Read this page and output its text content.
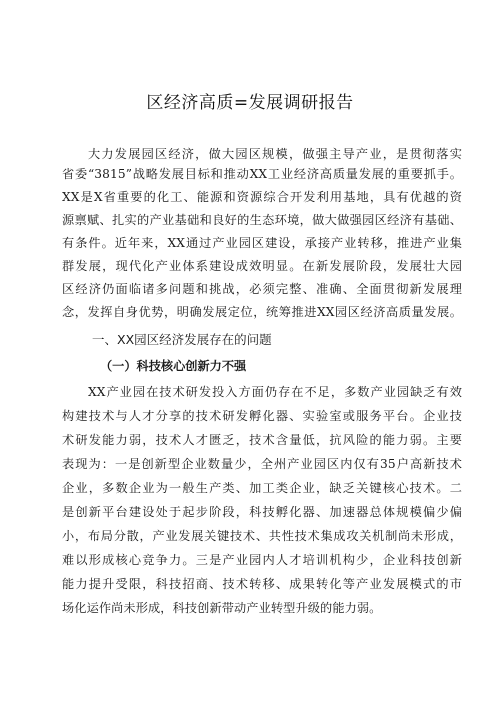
区经济高质=发展调研报告
大力发展园区经济，做大园区规模，做强主导产业，是贯彻落实
省委“3815”战略发展目标和推动XX工业经济高质量发展的重要抓手。
XX是X省重要的化工、能源和资源综合开发利用基地，具有优越的资
源禀赋、扎实的产业基础和良好的生态环境，做大做强园区经济有基础、
有条件。近年来，XX通过产业园区建设，承接产业转移，推进产业集
群发展，现代化产业体系建设成效明显。在新发展阶段，发展壮大园
区经济仍面临诸多问题和挑战，必须完整、准确、全面贯彻新发展理
念，发挥自身优势，明确发展定位，统筹推进XX园区经济高质量发展。
一、XX园区经济发展存在的问题
（一）科技核心创新力不强
XX产业园在技术研发投入方面仍存在不足，多数产业园缺乏有效
构建技术与人才分享的技术研发孵化器、实验室或服务平台。企业技
术研发能力弱，技术人才匮乏，技术含量低，抗风险的能力弱。主要
表现为：一是创新型企业数量少，全州产业园区内仅有35户高新技术
企业，多数企业为一般生产类、加工类企业，缺乏关键核心技术。二
是创新平台建设处于起步阶段，科技孵化器、加速器总体规模偏少偏
小，布局分散，产业发展关键技术、共性技术集成攻关机制尚未形成，
难以形成核心竞争力。三是产业园内人才培训机构少，企业科技创新
能力提升受限，科技招商、技术转移、成果转化等产业发展模式的市
场化运作尚未形成，科技创新带动产业转型升级的能力弱。
